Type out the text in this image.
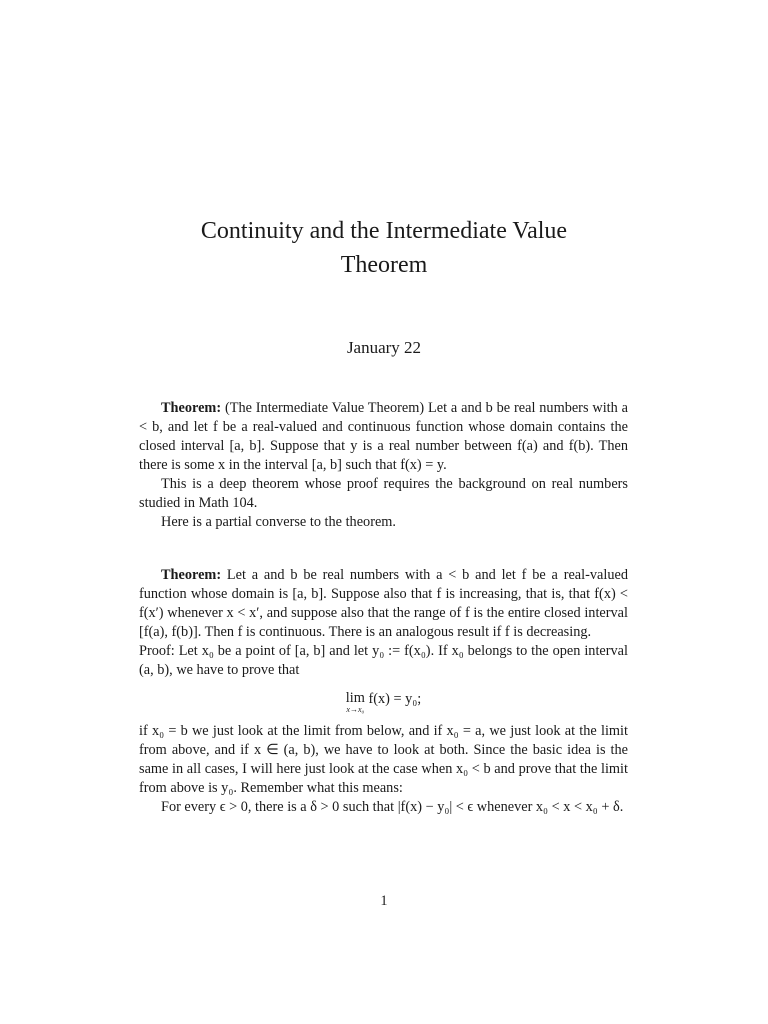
Continuity and the Intermediate Value
Theorem
January 22

Theorem: (The Intermediate Value Theorem) Let a and b be real numbers with a < b, and let f be a real-valued and continuous function whose domain contains the closed interval [a, b]. Suppose that y is a real number between f(a) and f(b). Then there is some x in the interval [a, b] such that f(x) = y.

This is a deep theorem whose proof requires the background on real numbers studied in Math 104.

Here is a partial converse to the theorem.

Theorem: Let a and b be real numbers with a < b and let f be a real-valued function whose domain is [a, b]. Suppose also that f is increasing, that is, that f(x) < f(x′) whenever x < x′, and suppose also that the range of f is the entire closed interval [f(a), f(b)]. Then f is continuous. There is an analogous result if f is decreasing.

Proof: Let x₀ be a point of [a, b] and let y₀ := f(x₀). If x₀ belongs to the open interval (a, b), we have to prove that

lim
x→x₀
f(x) = y₀;

if x₀ = b we just look at the limit from below, and if x₀ = a, we just look at the limit from above, and if x ∈ (a, b), we have to look at both. Since the basic idea is the same in all cases, I will here just look at the case when x₀ < b and prove that the limit from above is y₀. Remember what this means:

For every ϵ > 0, there is a δ > 0 such that |f(x) − y₀| < ϵ whenever x₀ < x < x₀ + δ.

1
